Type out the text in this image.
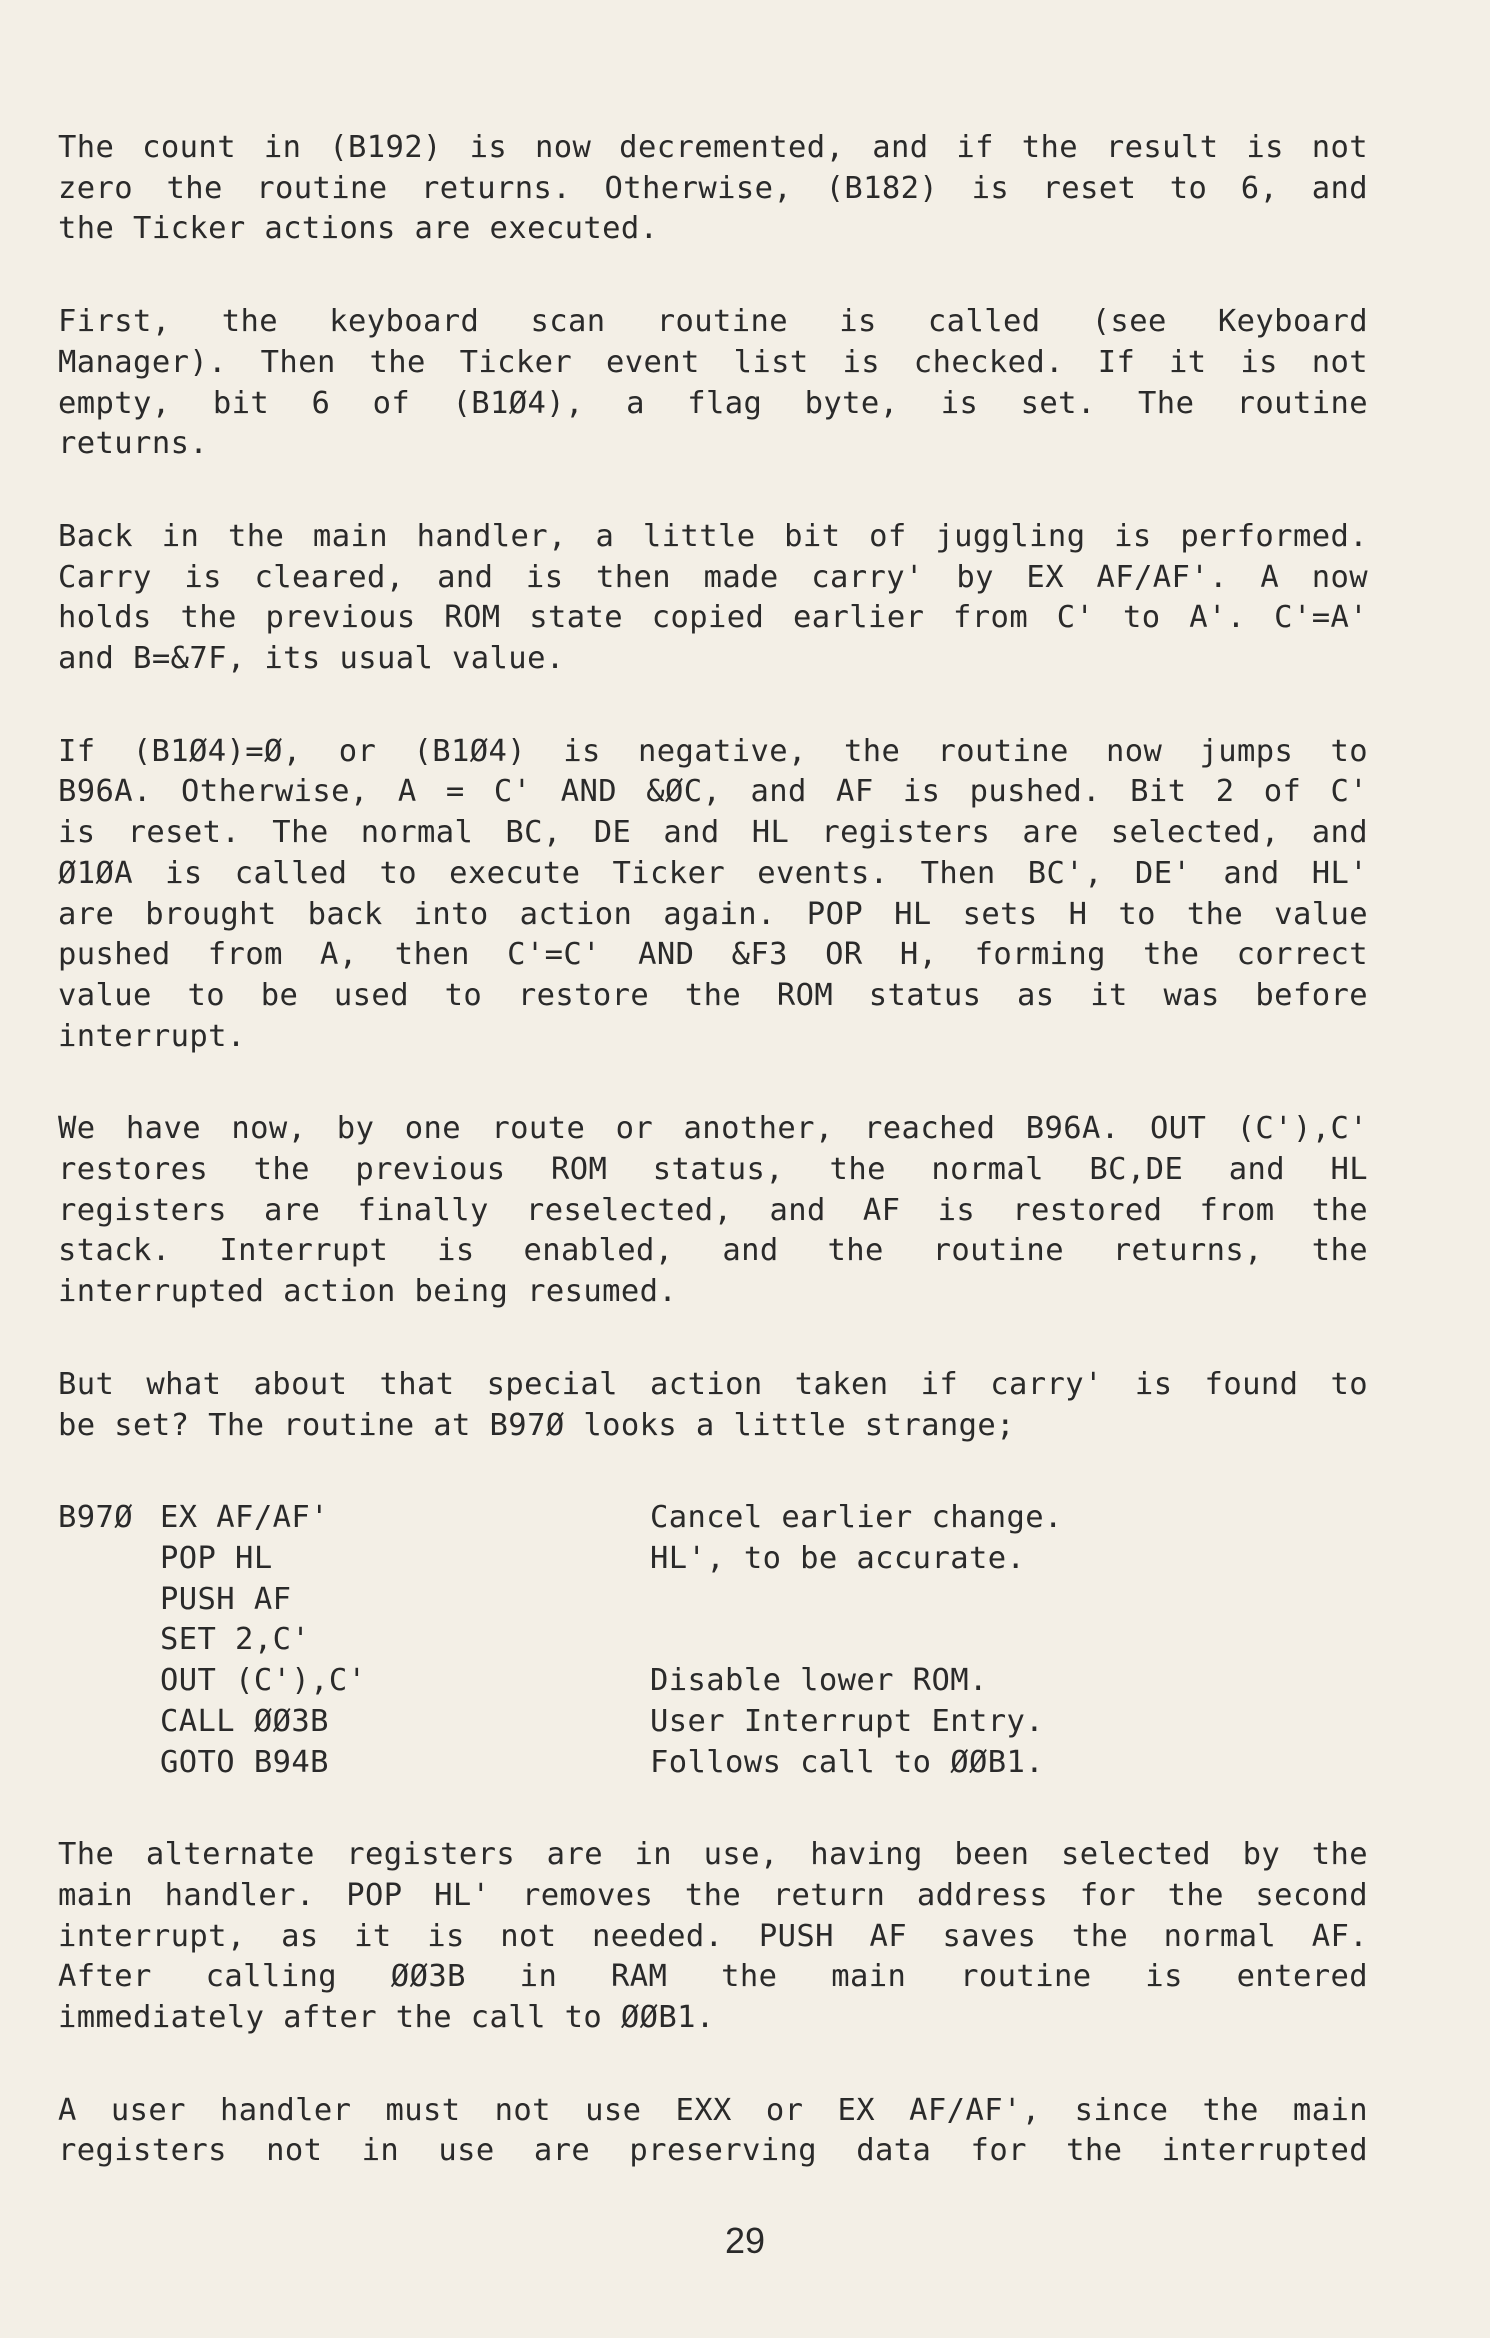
The count in (B192) is now decremented, and if the result is not
zero the routine returns. Otherwise, (B182) is reset to 6, and
the Ticker actions are executed.
First, the keyboard scan routine is called (see Keyboard
Manager). Then the Ticker event list is checked. If it is not
empty, bit 6 of (B1Ø4), a flag byte, is set. The routine
returns.
Back in the main handler, a little bit of juggling is performed.
Carry is cleared, and is then made carry' by EX AF/AF'. A now
holds the previous ROM state copied earlier from C' to A'. C'=A'
and B=&7F, its usual value.
If (B1Ø4)=Ø, or (B1Ø4) is negative, the routine now jumps to
B96A. Otherwise, A = C' AND &ØC, and AF is pushed. Bit 2 of C'
is reset. The normal BC, DE and HL registers are selected, and
Ø1ØA is called to execute Ticker events. Then BC', DE' and HL'
are brought back into action again. POP HL sets H to the value
pushed from A, then C'=C' AND &F3 OR H, forming the correct
value to be used to restore the ROM status as it was before
interrupt.
We have now, by one route or another, reached B96A. OUT (C'),C'
restores the previous ROM status, the normal BC,DE and HL
registers are finally reselected, and AF is restored from the
stack. Interrupt is enabled, and the routine returns, the
interrupted action being resumed.
But what about that special action taken if carry' is found to
be set? The routine at B97Ø looks a little strange;
B97Ø EX AF/AF'	Cancel earlier change.
POP HL	HL', to be accurate.
PUSH AF
SET 2,C'
OUT (C'),C'	Disable lower ROM.
CALL ØØ3B	User Interrupt Entry.
GOTO B94B	Follows call to ØØB1.
The alternate registers are in use, having been selected by the
main handler. POP HL' removes the return address for the second
interrupt, as it is not needed. PUSH AF saves the normal AF.
After calling ØØ3B in RAM the main routine is entered
immediately after the call to ØØB1.
A user handler must not use EXX or EX AF/AF', since the main
registers not in use are preserving data for the interrupted
29
